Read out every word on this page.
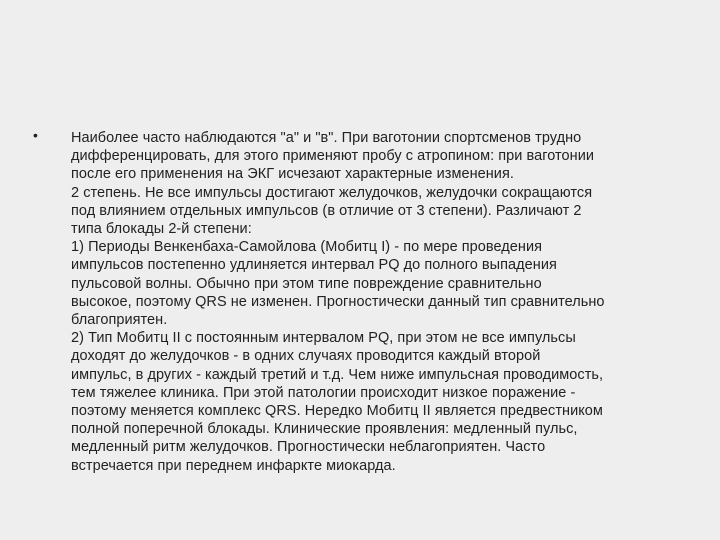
• Наиболее часто наблюдаются "а" и "в". При ваготонии спортсменов трудно
дифференцировать, для этого применяют пробу с атропином: при ваготонии
после его применения на ЭКГ исчезают характерные изменения.
2 степень. Не все импульсы достигают желудочков, желудочки сокращаются
под влиянием отдельных импульсов (в отличие от 3 степени). Различают 2
типа блокады 2-й степени:
1) Периоды Венкенбаха-Самойлова (Мобитц I) - по мере проведения
импульсов постепенно удлиняется интервал PQ до полного выпадения
пульсовой волны. Обычно при этом типе повреждение сравнительно
высокое, поэтому QRS не изменен. Прогностически данный тип сравнительно
благоприятен.
2) Тип Мобитц II с постоянным интервалом PQ, при этом не все импульсы
доходят до желудочков - в одних случаях проводится каждый второй
импульс, в других - каждый третий и т.д. Чем ниже импульсная проводимость,
тем тяжелее клиника. При этой патологии происходит низкое поражение -
поэтому меняется комплекс QRS. Нередко Мобитц II является предвестником
полной поперечной блокады. Клинические проявления: медленный пульс,
медленный ритм желудочков. Прогностически неблагоприятен. Часто
встречается при переднем инфаркте миокарда.
